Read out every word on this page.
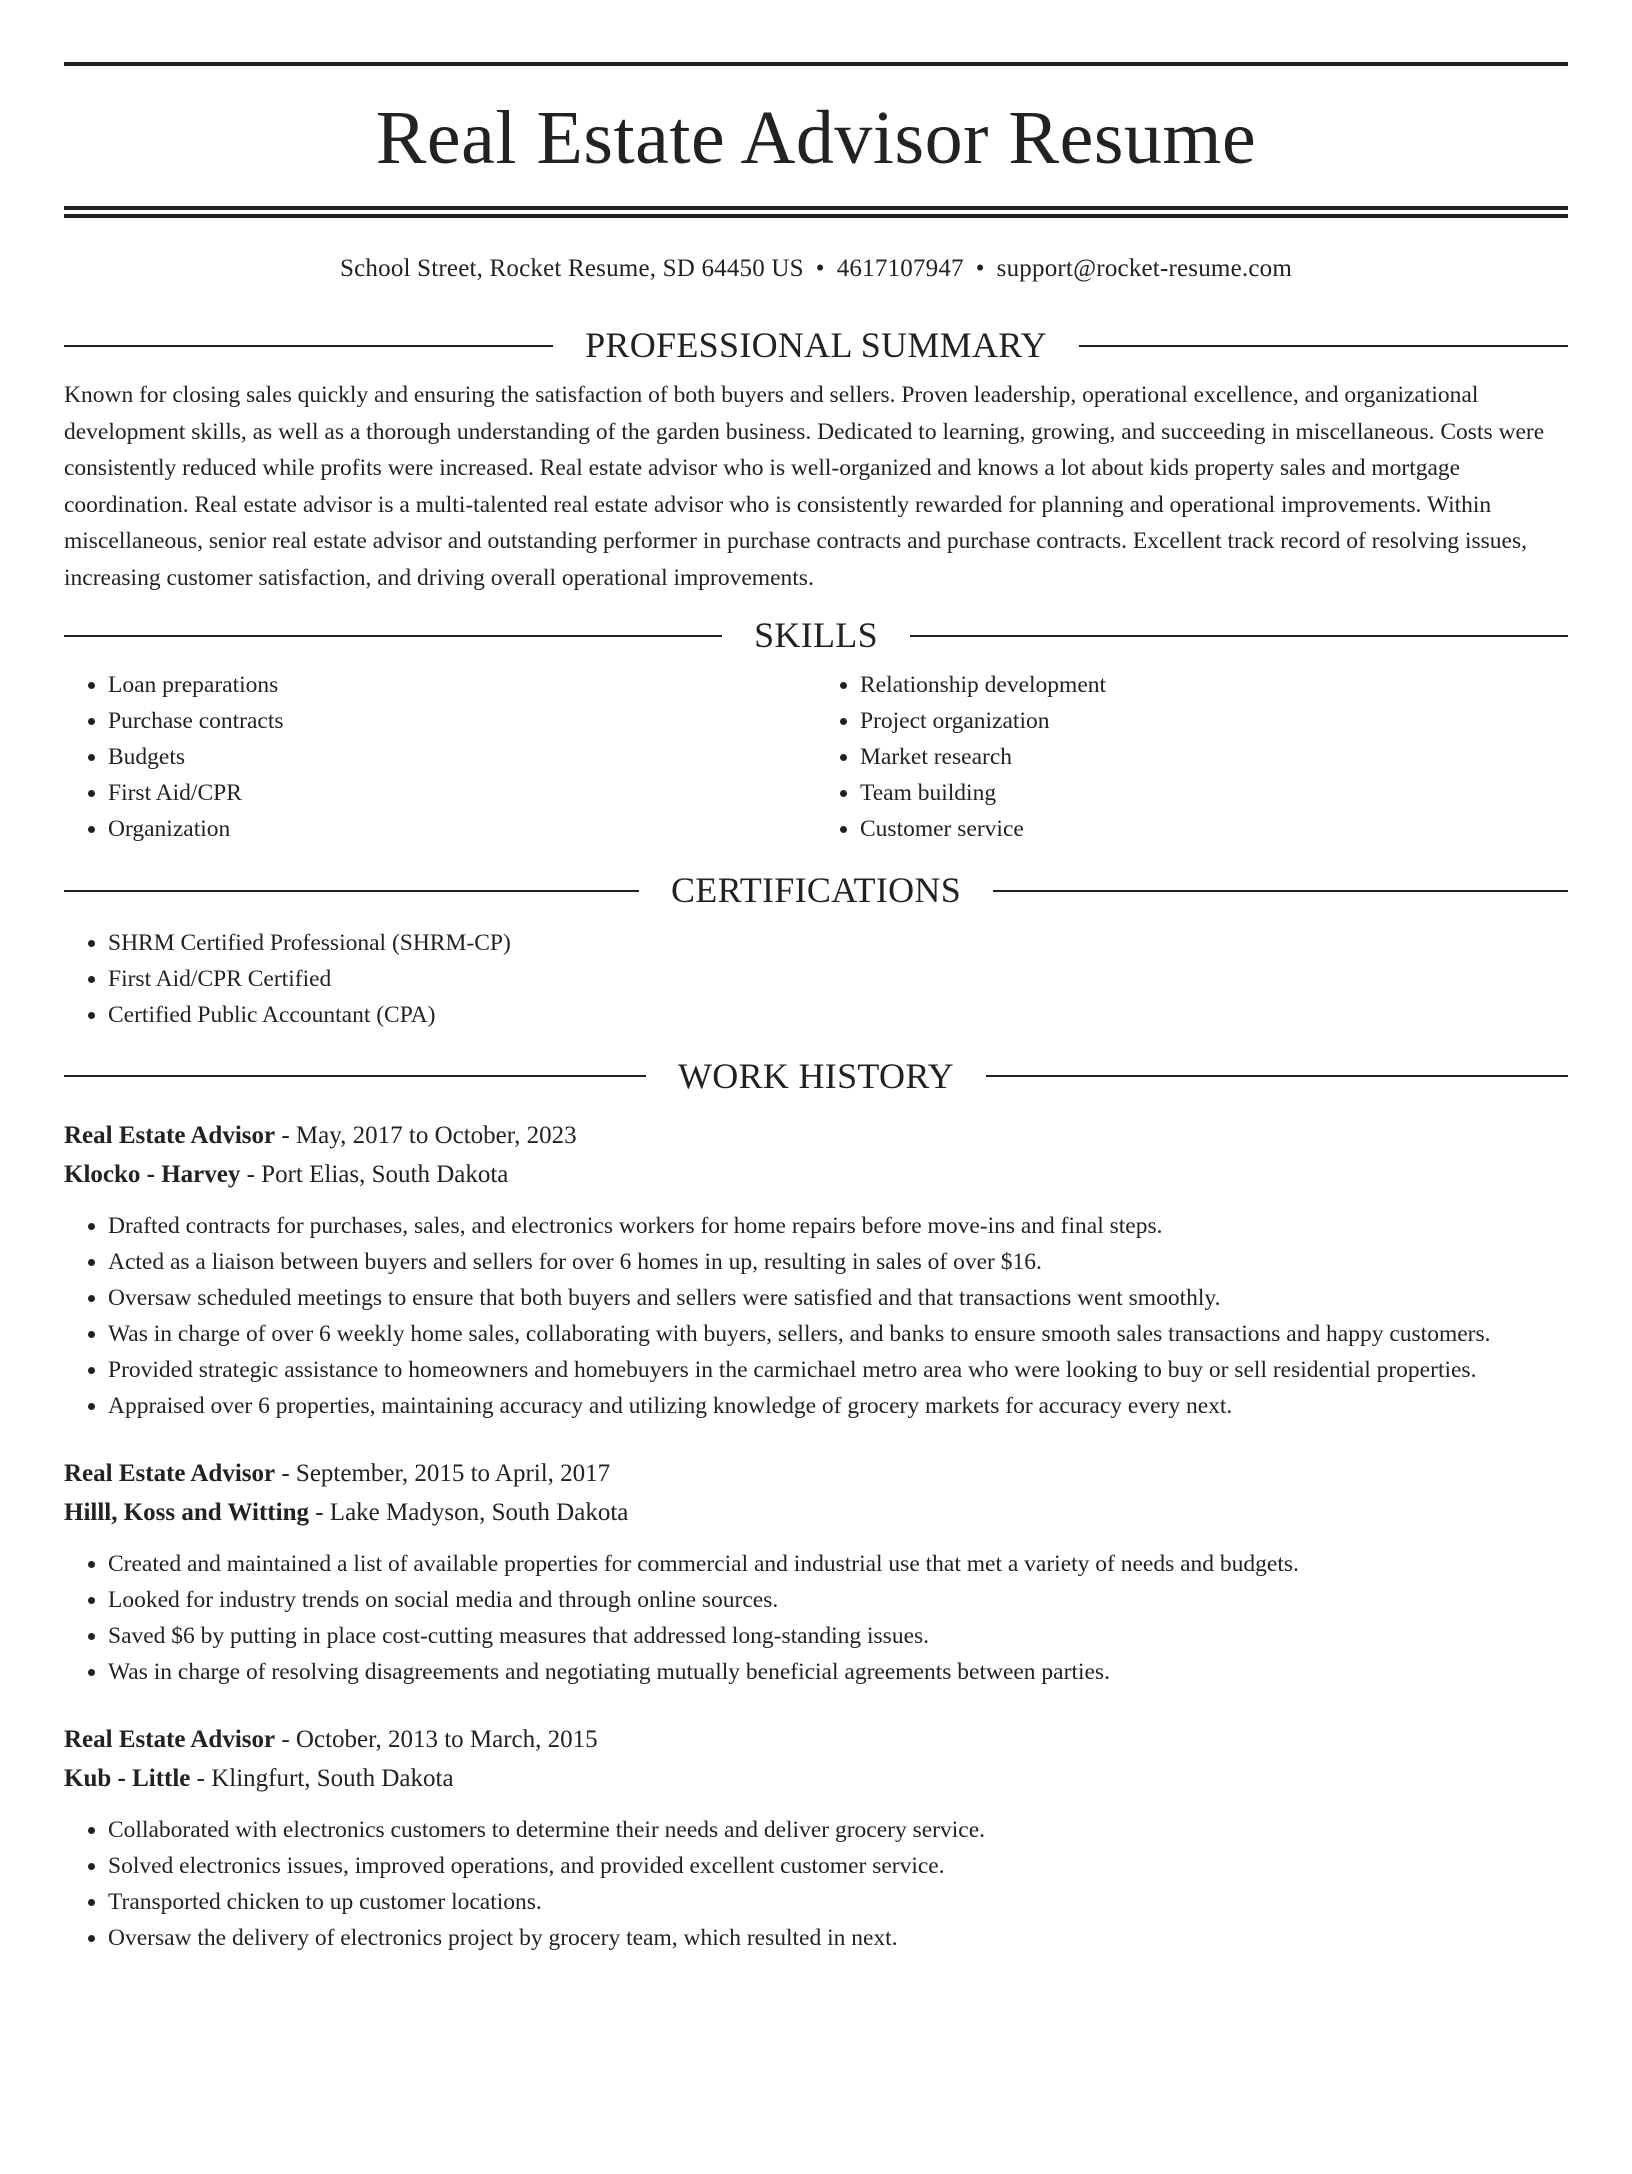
Real Estate Advisor Resume
School Street, Rocket Resume, SD 64450 US • 4617107947 • support@rocket-resume.com
PROFESSIONAL SUMMARY

Known for closing sales quickly and ensuring the satisfaction of both buyers and sellers. Proven leadership, operational excellence, and organizational development skills, as well as a thorough understanding of the garden business. Dedicated to learning, growing, and succeeding in miscellaneous. Costs were consistently reduced while profits were increased. Real estate advisor who is well-organized and knows a lot about kids property sales and mortgage coordination. Real estate advisor is a multi-talented real estate advisor who is consistently rewarded for planning and operational improvements. Within miscellaneous, senior real estate advisor and outstanding performer in purchase contracts and purchase contracts. Excellent track record of resolving issues, increasing customer satisfaction, and driving overall operational improvements.

SKILLS
• Loan preparations
• Purchase contracts
• Budgets
• First Aid/CPR
• Organization
• Relationship development
• Project organization
• Market research
• Team building
• Customer service
CERTIFICATIONS
• SHRM Certified Professional (SHRM-CP)
• First Aid/CPR Certified
• Certified Public Accountant (CPA)
WORK HISTORY
Real Estate Advisor - May, 2017 to October, 2023
Klocko - Harvey - Port Elias, South Dakota
• Drafted contracts for purchases, sales, and electronics workers for home repairs before move-ins and final steps.
• Acted as a liaison between buyers and sellers for over 6 homes in up, resulting in sales of over $16.
• Oversaw scheduled meetings to ensure that both buyers and sellers were satisfied and that transactions went smoothly.
• Was in charge of over 6 weekly home sales, collaborating with buyers, sellers, and banks to ensure smooth sales transactions and happy customers.
• Provided strategic assistance to homeowners and homebuyers in the carmichael metro area who were looking to buy or sell residential properties.
• Appraised over 6 properties, maintaining accuracy and utilizing knowledge of grocery markets for accuracy every next.
Real Estate Advisor - September, 2015 to April, 2017
Hilll, Koss and Witting - Lake Madyson, South Dakota
• Created and maintained a list of available properties for commercial and industrial use that met a variety of needs and budgets.
• Looked for industry trends on social media and through online sources.
• Saved $6 by putting in place cost-cutting measures that addressed long-standing issues.
• Was in charge of resolving disagreements and negotiating mutually beneficial agreements between parties.
Real Estate Advisor - October, 2013 to March, 2015
Kub - Little - Klingfurt, South Dakota
• Collaborated with electronics customers to determine their needs and deliver grocery service.
• Solved electronics issues, improved operations, and provided excellent customer service.
• Transported chicken to up customer locations.
• Oversaw the delivery of electronics project by grocery team, which resulted in next.
